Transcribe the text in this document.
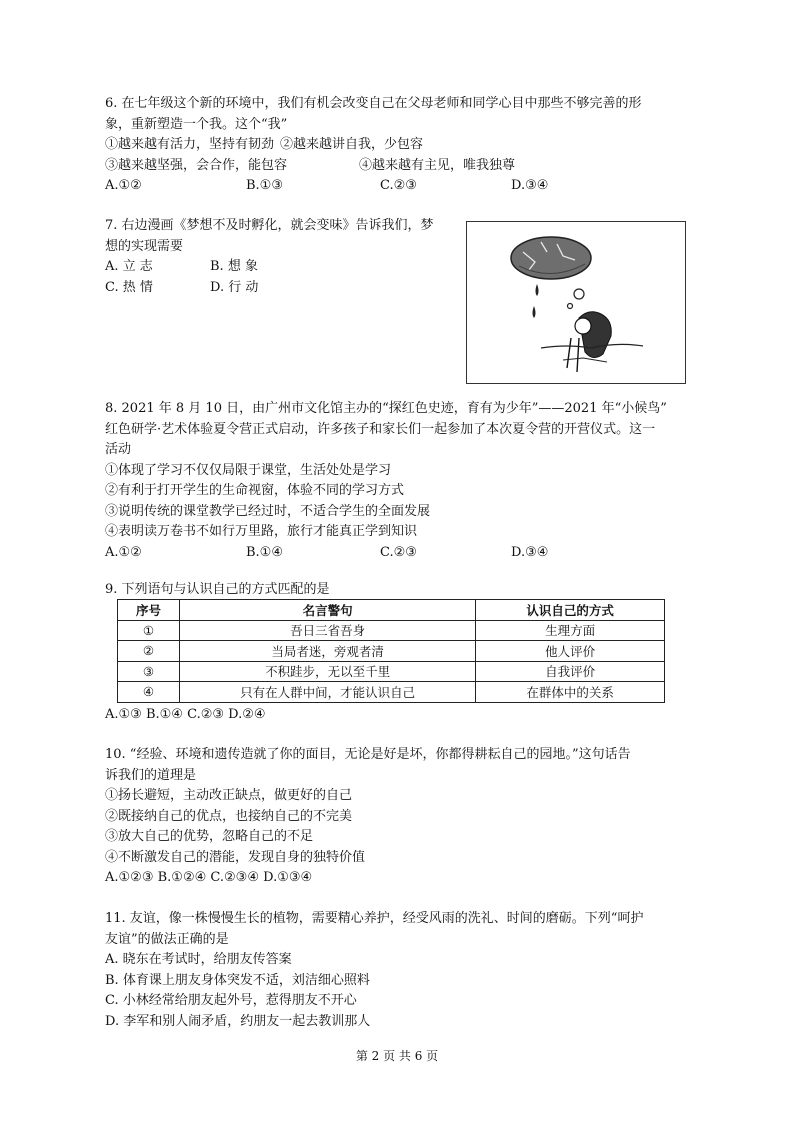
6. 在七年级这个新的环境中，我们有机会改变自己在父母老师和同学心目中那些不够完善的形
象，重新塑造一个我。这个“我”
①越来越有活力，坚持有韧劲 ②越来越讲自我，少包容
③越来越坚强，会合作，能包容	④越来越有主见，唯我独尊
A.①②	B.①③	C.②③	D.③④
7. 右边漫画《梦想不及时孵化，就会变味》告诉我们，梦
想的实现需要
A. 立 志	B. 想 象
C. 热 情	D. 行 动
8. 2021 年 8 月 10 日，由广州市文化馆主办的“探红色史迹，育有为少年”——2021 年“小候鸟”
红色研学·艺术体验夏令营正式启动，许多孩子和家长们一起参加了本次夏令营的开营仪式。这一
活动
①体现了学习不仅仅局限于课堂，生活处处是学习
②有利于打开学生的生命视窗，体验不同的学习方式
③说明传统的课堂教学已经过时，不适合学生的全面发展
④表明读万卷书不如行万里路，旅行才能真正学到知识
A.①②	B.①④	C.②③	D.③④
9. 下列语句与认识自己的方式匹配的是
序号	名言警句	认识自己的方式
①	吾日三省吾身	生理方面
②	当局者迷，旁观者清	他人评价
③	不积跬步，无以至千里	自我评价
④	只有在人群中间，才能认识自己	在群体中的关系
A.①③ B.①④ C.②③ D.②④
10. “经验、环境和遗传造就了你的面目，无论是好是坏，你都得耕耘自己的园地。”这句话告
诉我们的道理是
①扬长避短，主动改正缺点，做更好的自己
②既接纳自己的优点，也接纳自己的不完美
③放大自己的优势，忽略自己的不足
④不断激发自己的潜能，发现自身的独特价值
A.①②③ B.①②④ C.②③④ D.①③④
11. 友谊，像一株慢慢生长的植物，需要精心养护，经受风雨的洗礼、时间的磨砺。下列“呵护
友谊”的做法正确的是
A. 晓东在考试时，给朋友传答案
B. 体育课上朋友身体突发不适，刘洁细心照料
C. 小林经常给朋友起外号，惹得朋友不开心
D. 李军和别人闹矛盾，约朋友一起去教训那人
第 2 页 共 6 页
